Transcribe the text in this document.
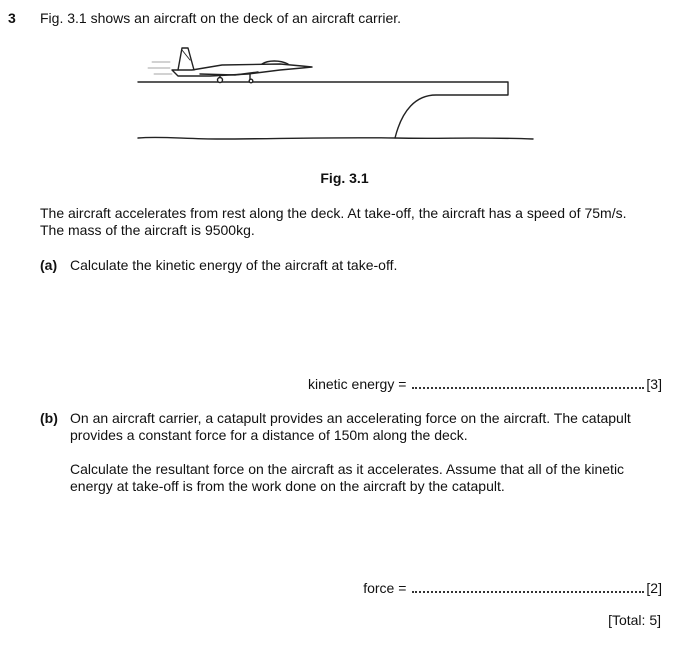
3 Fig. 3.1 shows an aircraft on the deck of an aircraft carrier.
Fig. 3.1
The aircraft accelerates from rest along the deck. At take-off, the aircraft has a speed of 75m/s.
The mass of the aircraft is 9500kg.
(a) Calculate the kinetic energy of the aircraft at take-off.
kinetic energy =	[3]
(b) On an aircraft carrier, a catapult provides an accelerating force on the aircraft. The catapult provides a constant force for a distance of 150m along the deck.
Calculate the resultant force on the aircraft as it accelerates. Assume that all of the kinetic energy at take-off is from the work done on the aircraft by the catapult.
force =	[2]
[Total: 5]
